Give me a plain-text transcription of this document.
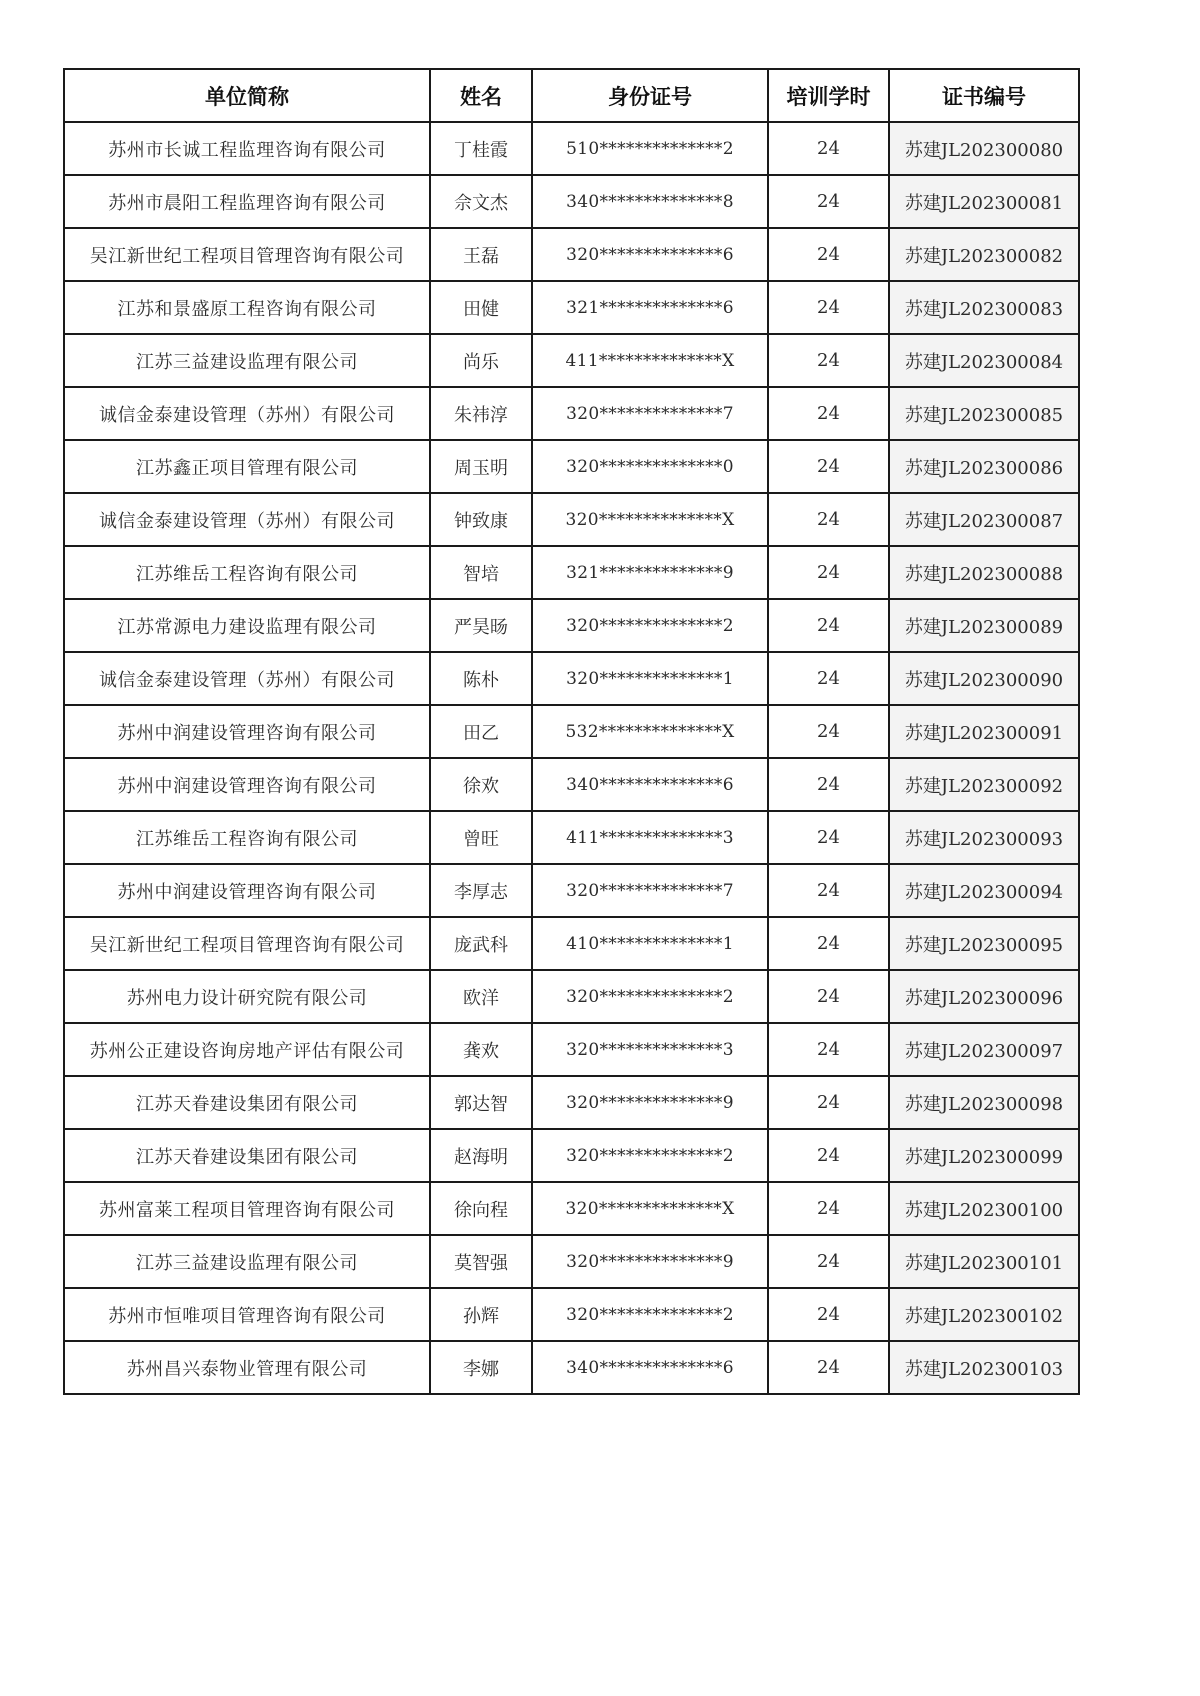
单位简称	姓名	身份证号	培训学时	证书编号
苏州市长诚工程监理咨询有限公司	丁桂霞	510**************2	24	苏建JL202300080
苏州市晨阳工程监理咨询有限公司	佘文杰	340**************8	24	苏建JL202300081
吴江新世纪工程项目管理咨询有限公司	王磊	320**************6	24	苏建JL202300082
江苏和景盛原工程咨询有限公司	田健	321**************6	24	苏建JL202300083
江苏三益建设监理有限公司	尚乐	411**************X	24	苏建JL202300084
诚信金泰建设管理（苏州）有限公司	朱祎淳	320**************7	24	苏建JL202300085
江苏鑫正项目管理有限公司	周玉明	320**************0	24	苏建JL202300086
诚信金泰建设管理（苏州）有限公司	钟致康	320**************X	24	苏建JL202300087
江苏维岳工程咨询有限公司	智培	321**************9	24	苏建JL202300088
江苏常源电力建设监理有限公司	严昊旸	320**************2	24	苏建JL202300089
诚信金泰建设管理（苏州）有限公司	陈朴	320**************1	24	苏建JL202300090
苏州中润建设管理咨询有限公司	田乙	532**************X	24	苏建JL202300091
苏州中润建设管理咨询有限公司	徐欢	340**************6	24	苏建JL202300092
江苏维岳工程咨询有限公司	曾旺	411**************3	24	苏建JL202300093
苏州中润建设管理咨询有限公司	李厚志	320**************7	24	苏建JL202300094
吴江新世纪工程项目管理咨询有限公司	庞武科	410**************1	24	苏建JL202300095
苏州电力设计研究院有限公司	欧洋	320**************2	24	苏建JL202300096
苏州公正建设咨询房地产评估有限公司	龚欢	320**************3	24	苏建JL202300097
江苏天眷建设集团有限公司	郭达智	320**************9	24	苏建JL202300098
江苏天眷建设集团有限公司	赵海明	320**************2	24	苏建JL202300099
苏州富莱工程项目管理咨询有限公司	徐向程	320**************X	24	苏建JL202300100
江苏三益建设监理有限公司	莫智强	320**************9	24	苏建JL202300101
苏州市恒唯项目管理咨询有限公司	孙辉	320**************2	24	苏建JL202300102
苏州昌兴泰物业管理有限公司	李娜	340**************6	24	苏建JL202300103
